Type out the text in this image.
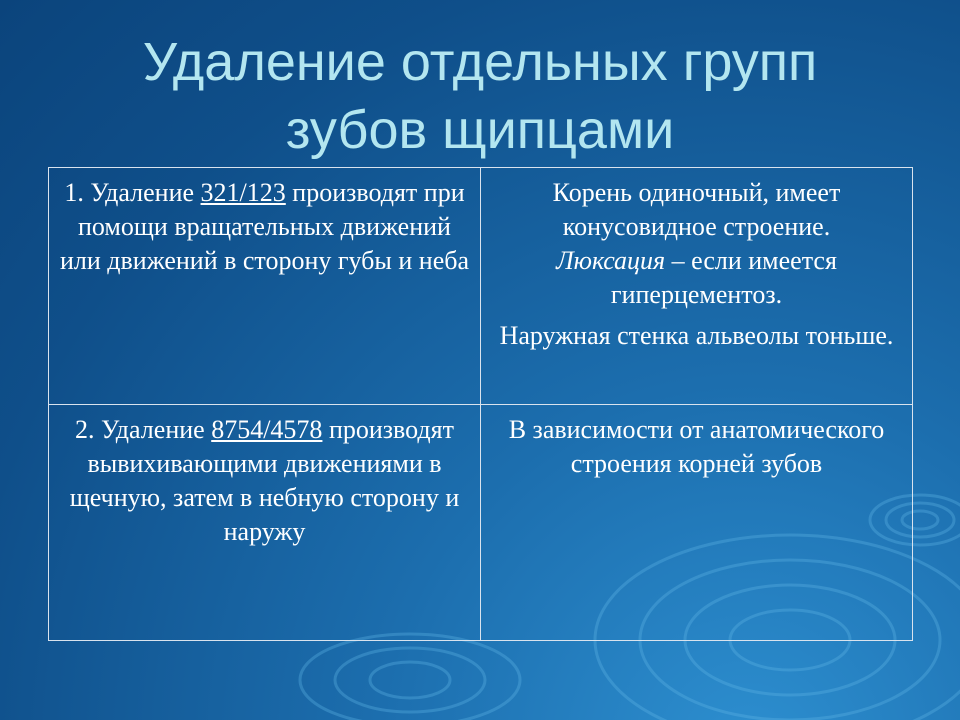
Удаление отдельных групп
зубов щипцами

1. Удаление 321/123 производят при помощи вращательных движений или движений в сторону губы и неба	Корень одиночный, имеет конусовидное строение.

Люксация – если имеется гиперцементоз.

Наружная стенка альвеолы тоньше.

2. Удаление 8754/4578 производят вывихивающими движениями в щечную, затем в небную сторону и наружу	В зависимости от анатомического строения корней зубов
